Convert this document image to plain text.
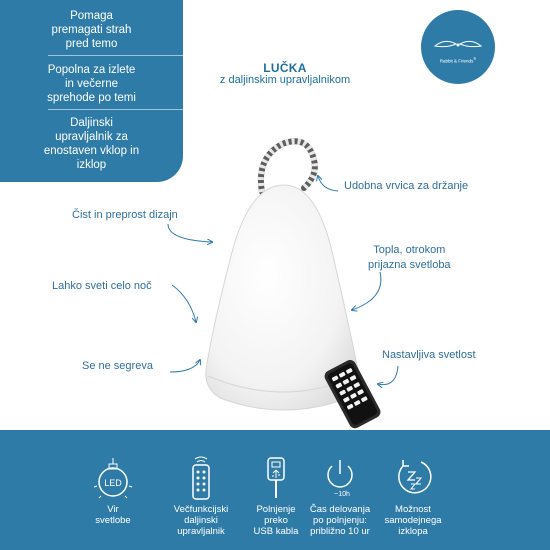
Pomaga
premagati strah
pred temo
Popolna za izlete
in večerne
sprehode po temi
Daljinski
upravljalnik za
enostaven vklop in
izklop
Rabbit & Friends®
LUČKA
z daljinskim upravljalnikom
Udobna vrvica za držanje
Čist in preprost dizajn
Topla, otrokom
prijazna svetloba
Lahko sveti celo noč
Se ne segreva
Nastavljiva svetlost
LED
Vir
svetlobe
Večfunkcijski
daljinski
upravljalnik
Polnjenje
preko
USB kabla
~10h
Čas delovanja
po polnjenju:
približno 10 ur
Možnost
samodejnega
izklopa
